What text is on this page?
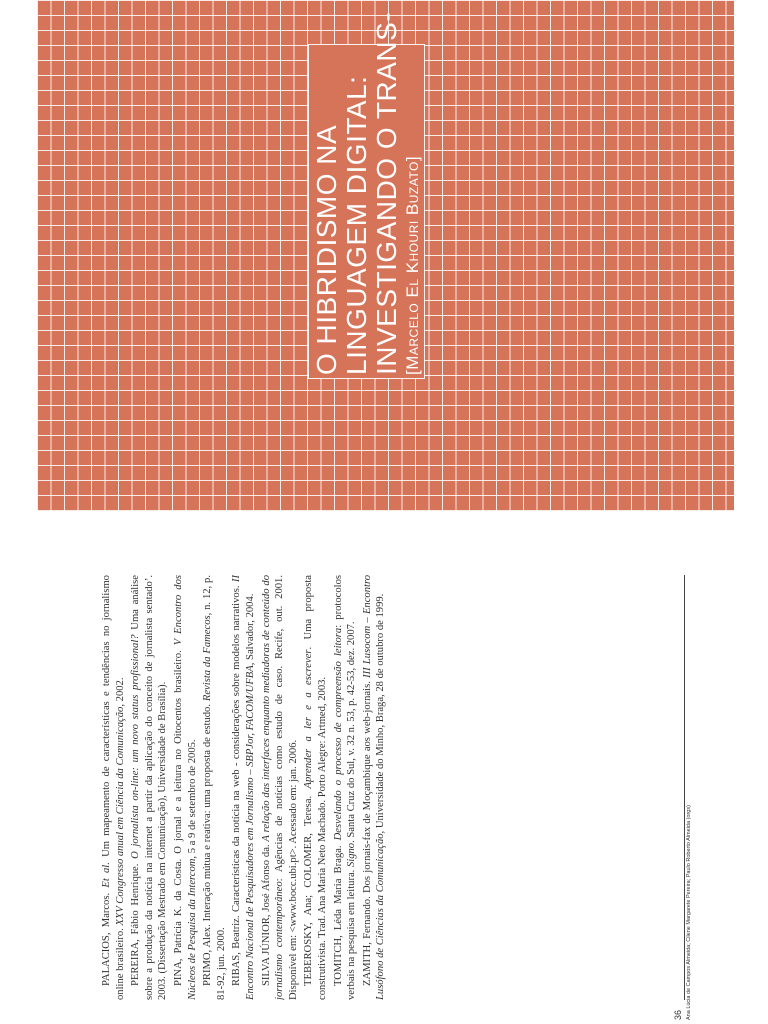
O HIBRIDISMO NA LINGUAGEM DIGITAL: INVESTIGANDO O TRANS- [Marcelo El Khouri Buzato]

PALACIOS, Marcos. Et al. Um mapeamento de características e tendências no jornalismo online brasileiro. XXV Congresso anual em Ciência da Comunicação, 2002.

PEREIRA, Fábio Henrique. O jornalista on-line: um novo status profissional? Uma análise sobre a produção da notícia na internet a partir da aplicação do conceito de jornalista sentado’. 2003. (Dissertação Mestrado em Comunicação), Universidade de Brasília). PINA, Patrícia K. da Costa. O jornal e a leitura no Oitocentos brasileiro. V Encontro dos Núcleos de Pesquisa da Intercom, 5 a 9 de setembro de 2005. PRIMO, Alex. Interação mútua e reativa: uma proposta de estudo. Revista da Famecos, n. 12, p. 81-92, jun. 2000. RIBAS, Beatriz. Características da notícia na web - considerações sobre modelos narrativos. II Encontro Nacional de Pesquisadores em Jornalismo – SBPJor, FACOM/UFBA, Salvador, 2004.

SILVA JÚNIOR, José Afonso da. A relação das interfaces enquanto mediadoras de conteúdo do jornalismo contemporâneo: Agências de notícias como estudo de caso. Recife, out. 2001. Disponível em: <www.bocc.ubi.pt>. Acessado em: jan. 2006. TEBEROSKY, Ana; COLOMER, Teresa. Aprender a ler e a escrever. Uma proposta construtivista. Trad. Ana Maria Neto Machado. Porto Alegre: Artmed, 2003. TOMITCH, Léda Maria Braga. Desvelando o processo de compreensão leitora: protocolos verbais na pesquisa em leitura. Signo. Santa Cruz do Sul, v. 32 n. 53, p. 42-53, dez. 2007. ZAMITH, Fernando. Dos jornais-fax de Moçambique aos web-jornais. III Lusocom – Encontro Lusófono de Ciências da Comunicação, Universidade do Minho, Braga, 28 de outubro de 1999.

36 Ana Lúcia de Campos Almeida; Cilene Margarete Pereira; Paulo Roberto Almeida (orgs)
